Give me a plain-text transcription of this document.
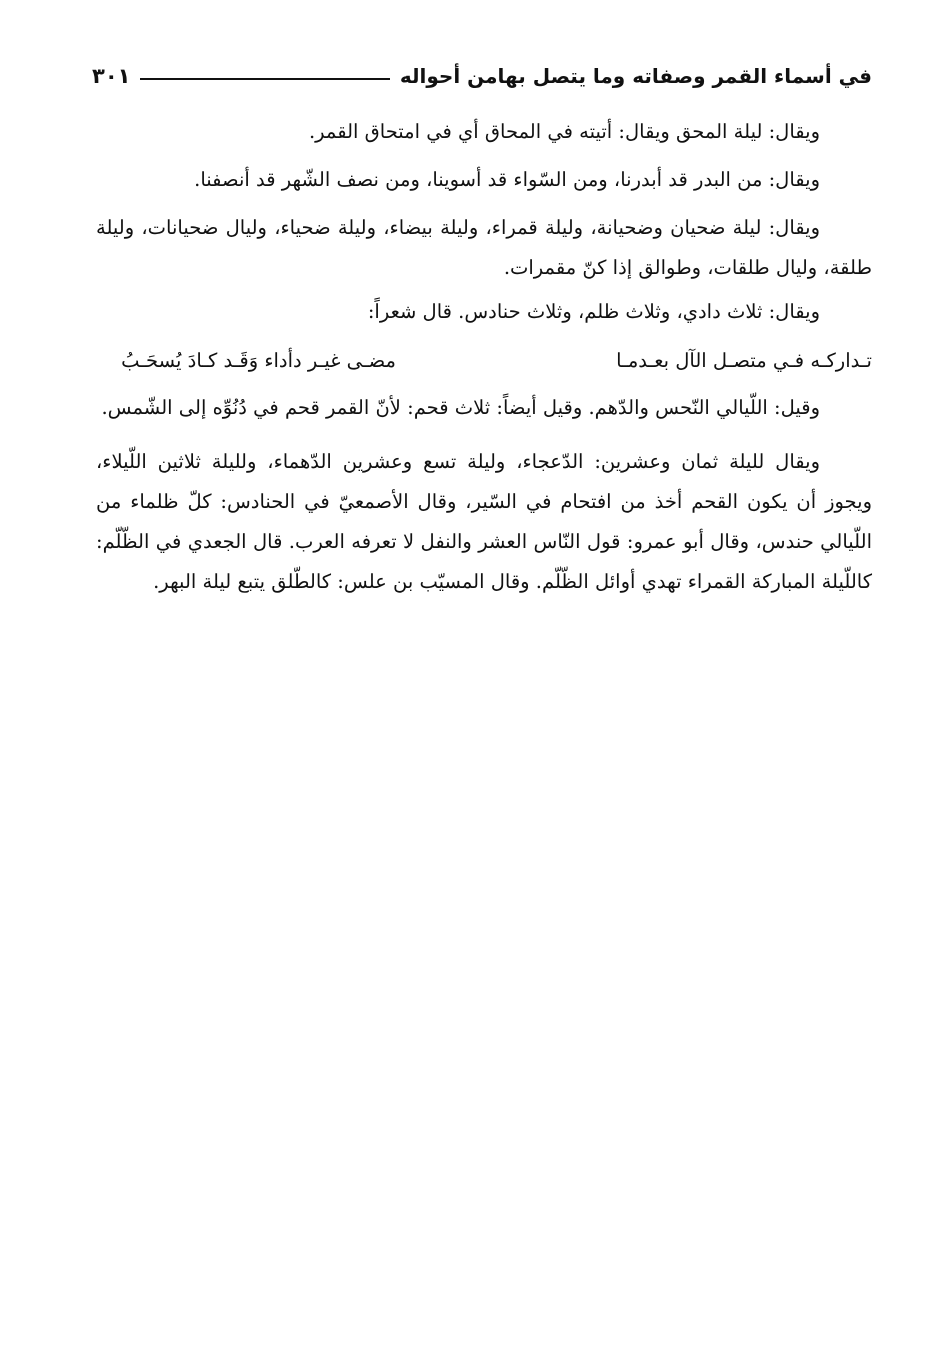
في أسماء القمر وصفاته وما يتصل بهامن أحواله
٣٠١

ويقال: ليلة المحق ويقال: أتيته في المحاق أي في امتحاق القمر.

ويقال: من البدر قد أبدرنا، ومن السّواء قد أسوينا، ومن نصف الشّهر قد أنصفنا.

ويقال: ليلة ضحيان وضحيانة، وليلة قمراء، وليلة بيضاء، وليلة ضحياء، وليال ضحيانات، وليلة طلقة، وليال طلقات، وطوالق إذا كنّ مقمرات.

ويقال: ثلاث دادي، وثلاث ظلم، وثلاث حنادس. قال شعراً:

تـداركـه فـي متصـل الآل بعـدمـا
مضـى غيـر دأداء وَقَـد كـادَ يُسحَـبُ

وقيل: اللّيالي النّحس والدّهم. وقيل أيضاً: ثلاث قحم: لأنّ القمر قحم في دُنُوِّه إلى الشّمس.

ويقال لليلة ثمان وعشرين: الدّعجاء، وليلة تسع وعشرين الدّهماء، ولليلة ثلاثين اللّيلاء، ويجوز أن يكون القحم أخذ من افتحام في السّير، وقال الأصمعيّ في الحنادس: كلّ ظلماء من اللّيالي حندس، وقال أبو عمرو: قول النّاس العشر والنفل لا تعرفه العرب. قال الجعدي في الظّلّم: كاللّيلة المباركة القمراء تهدي أوائل الظّلّم. وقال المسيّب بن علس: كالطّلق يتبع ليلة البهر.
